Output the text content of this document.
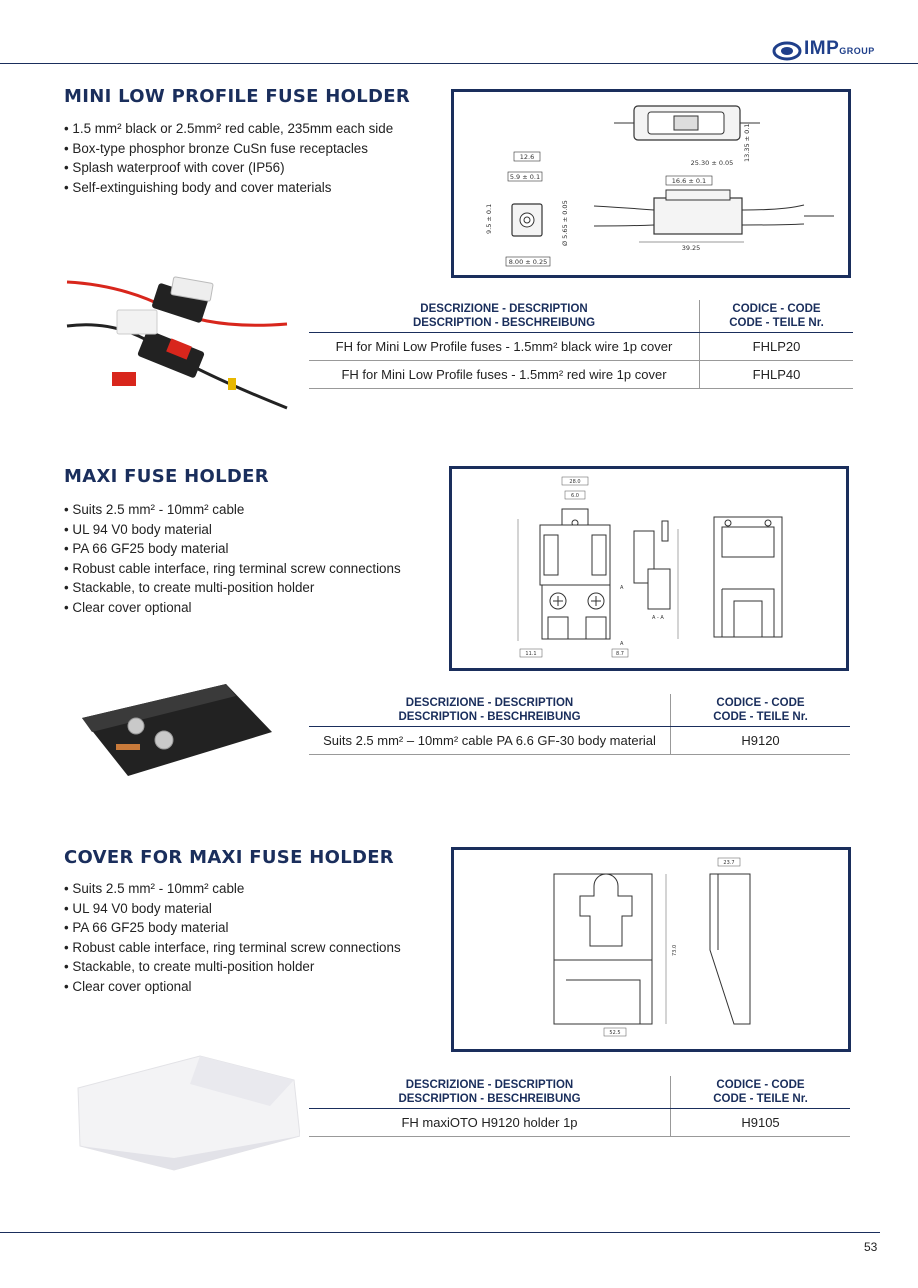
IMPGROUP
MINI LOW PROFILE FUSE HOLDER
• 1.5 mm² black or 2.5mm² red cable, 235mm each side
• Box-type phosphor bronze CuSn fuse receptacles
• Splash waterproof with cover (IP56)
• Self-extinguishing body and cover materials
25.30 ± 0.05
16.6 ± 0.1
13.35 ± 0.1
39.25
12.6
5.9 ± 0.1
9.5 ± 0.1	Ø 5.65 ± 0.05
8.00 ± 0.25
DESCRIZIONE - DESCRIPTION
DESCRIPTION - BESCHREIBUNG	CODICE - CODE
CODE - TEILE Nr.

FH for Mini Low Profile fuses - 1.5mm² black wire 1p cover	FHLP20
FH for Mini Low Profile fuses - 1.5mm² red wire 1p cover	FHLP40
MAXI FUSE HOLDER
• Suits 2.5 mm² - 10mm² cable
• UL 94 V0 body material
• PA 66 GF25 body material
• Robust cable interface, ring terminal screw connections
• Stackable, to create multi-position holder
• Clear cover optional
28.0
6.0
11.1	8.7
A
A
A - A
DESCRIZIONE - DESCRIPTION
DESCRIPTION - BESCHREIBUNG	CODICE - CODE
CODE - TEILE Nr.

Suits 2.5 mm² – 10mm² cable PA 6.6 GF-30 body material	H9120
COVER FOR MAXI FUSE HOLDER
• Suits 2.5 mm² - 10mm² cable
• UL 94 V0 body material
• PA 66 GF25 body material
• Robust cable interface, ring terminal screw connections
• Stackable, to create multi-position holder
• Clear cover optional
73.0
52.5
23.7
DESCRIZIONE - DESCRIPTION
DESCRIPTION - BESCHREIBUNG	CODICE - CODE
CODE - TEILE Nr.

FH maxiOTO H9120 holder 1p	H9105
53
